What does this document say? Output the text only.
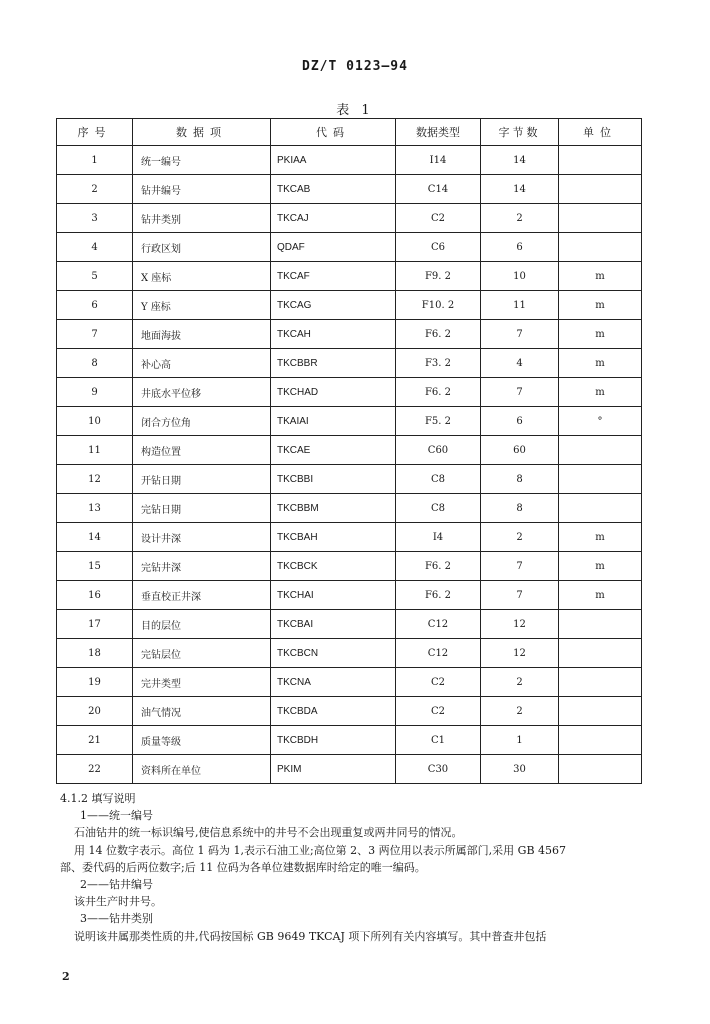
DZ/T 0123—94
表 1
序号	数据项	代码	数据类型	字节数	单位
1	统一编号	PKIAA	I14	14	
2	钻井编号	TKCAB	C14	14	
3	钻井类别	TKCAJ	C2	2	
4	行政区划	QDAF	C6	6	
5	X 座标	TKCAF	F9. 2	10	m
6	Y 座标	TKCAG	F10. 2	11	m
7	地面海拔	TKCAH	F6. 2	7	m
8	补心高	TKCBBR	F3. 2	4	m
9	井底水平位移	TKCHAD	F6. 2	7	m
10	闭合方位角	TKAIAI	F5. 2	6	°
11	构造位置	TKCAE	C60	60	
12	开钻日期	TKCBBI	C8	8	
13	完钻日期	TKCBBM	C8	8	
14	设计井深	TKCBAH	I4	2	m
15	完钻井深	TKCBCK	F6. 2	7	m
16	垂直校正井深	TKCHAI	F6. 2	7	m
17	目的层位	TKCBAI	C12	12	
18	完钻层位	TKCBCN	C12	12	
19	完井类型	TKCNA	C2	2	
20	油气情况	TKCBDA	C2	2	
21	质量等级	TKCBDH	C1	1	
22	资料所在单位	PKIM	C30	30	

4.1.2 填写说明

1——统一编号

石油钻井的统一标识编号,使信息系统中的井号不会出现重复或两井同号的情况。

用 14 位数字表示。高位 1 码为 1,表示石油工业;高位第 2、3 两位用以表示所属部门,采用 GB 4567

部、委代码的后两位数字;后 11 位码为各单位建数据库时给定的唯一编码。

2——钻井编号

该井生产时井号。

3——钻井类别

说明该井属那类性质的井,代码按国标 GB 9649 TKCAJ 项下所列有关内容填写。其中普查井包括

2
